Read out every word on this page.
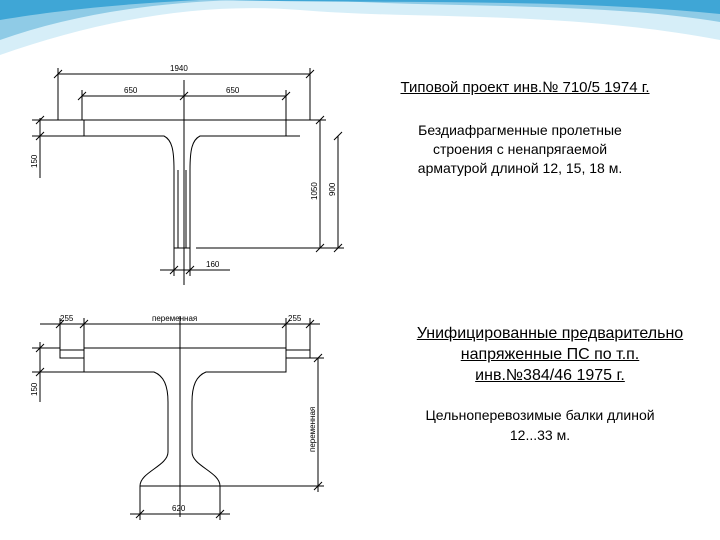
1940
650	650
150
1050 900
160
255	переменная	255
150
переменная
620
Типовой проект инв.№ 710/5 1974 г.
Бездиафрагменные пролетные
строения с ненапрягаемой
арматурой длиной 12, 15, 18 м.
Унифицированные предварительно
напряженные ПС по т.п.
инв.№384/46 1975 г.
Цельноперевозимые балки длиной
12...33 м.
